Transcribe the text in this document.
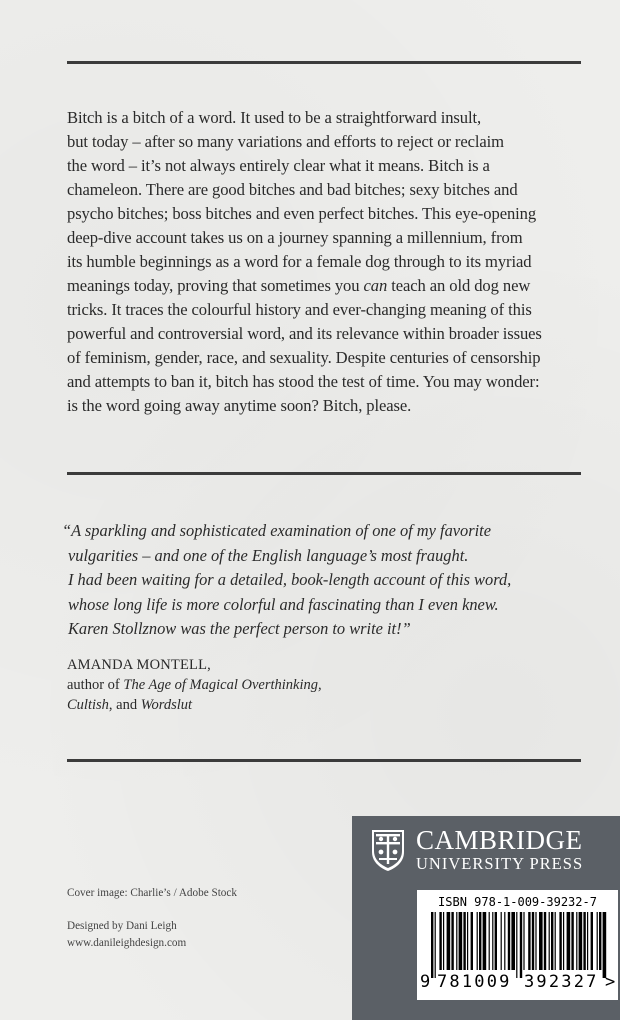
Bitch is a bitch of a word. It used to be a straightforward insult,
but today – after so many variations and efforts to reject or reclaim
the word – it’s not always entirely clear what it means. Bitch is a
chameleon. There are good bitches and bad bitches; sexy bitches and
psycho bitches; boss bitches and even perfect bitches. This eye-opening
deep-dive account takes us on a journey spanning a millennium, from
its humble beginnings as a word for a female dog through to its myriad
meanings today, proving that sometimes you can teach an old dog new
tricks. It traces the colourful history and ever-changing meaning of this
powerful and controversial word, and its relevance within broader issues
of feminism, gender, race, and sexuality. Despite centuries of censorship
and attempts to ban it, bitch has stood the test of time. You may wonder:
is the word going away anytime soon? Bitch, please.
“A sparkling and sophisticated examination of one of my favorite
vulgarities – and one of the English language’s most fraught.
I had been waiting for a detailed, book-length account of this word,
whose long life is more colorful and fascinating than I even knew.
Karen Stollznow was the perfect person to write it!”
AMANDA MONTELL,
author of The Age of Magical Overthinking,
Cultish, and Wordslut
Cover image: Charlie’s / Adobe Stock
Designed by Dani Leigh
www.danileighdesign.com
CAMBRIDGE
UNIVERSITY PRESS
ISBN 978-1-009-39232-7
9 781009 392327 >
